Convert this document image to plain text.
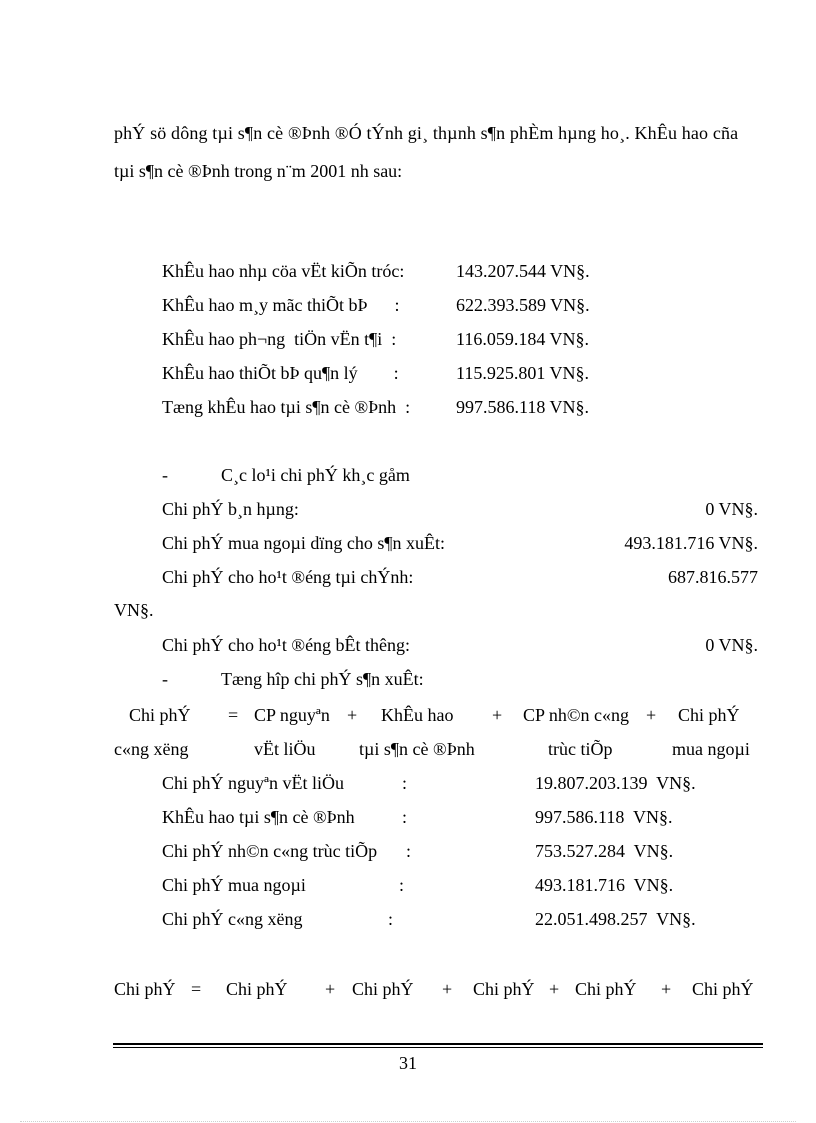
phÝ sö dông tµi s¶n cè ®Þnh ®Ó tÝnh gi¸ thµnh s¶n phÈm hµng ho¸. KhÊu hao cña
tµi s¶n cè ®Þnh trong n¨m 2001 nh sau:
KhÊu hao nhµ cöa vËt kiÕn tróc:	143.207.544 VN§.
KhÊu hao m¸y mãc thiÕt bÞ      :	622.393.589 VN§.
KhÊu hao ph¬ng  tiÖn vËn t¶i  :	116.059.184 VN§.
KhÊu hao thiÕt bÞ qu¶n lý        :	115.925.801 VN§.
Tæng khÊu hao tµi s¶n cè ®Þnh  :	997.586.118 VN§.
-	C¸c lo¹i chi phÝ kh¸c gåm
Chi phÝ b¸n hµng:	0 VN§.
Chi phÝ mua ngoµi dïng cho s¶n xuÊt:	493.181.716 VN§.
Chi phÝ cho ho¹t ®éng tµi chÝnh:	687.816.577
VN§.
Chi phÝ cho ho¹t ®éng bÊt thêng:	0 VN§.
-	Tæng hîp chi phÝ s¶n xuÊt:
Chi phÝ = CP nguyªn + KhÊu hao + CP nh©n c«ng + Chi phÝ
c«ng xëng	vËt liÖu tµi s¶n cè ®Þnh	trùc tiÕp	mua ngoµi
Chi phÝ nguyªn vËt liÖu	:	19.807.203.139  VN§.
KhÊu hao tµi s¶n cè ®Þnh	:	997.586.118  VN§.
Chi phÝ nh©n c«ng trùc tiÕp :	753.527.284  VN§.
Chi phÝ mua ngoµi	:	493.181.716  VN§.
Chi phÝ c«ng xëng	:	22.051.498.257  VN§.
Chi phÝ = Chi phÝ + Chi phÝ + Chi phÝ + Chi phÝ + Chi phÝ
31
